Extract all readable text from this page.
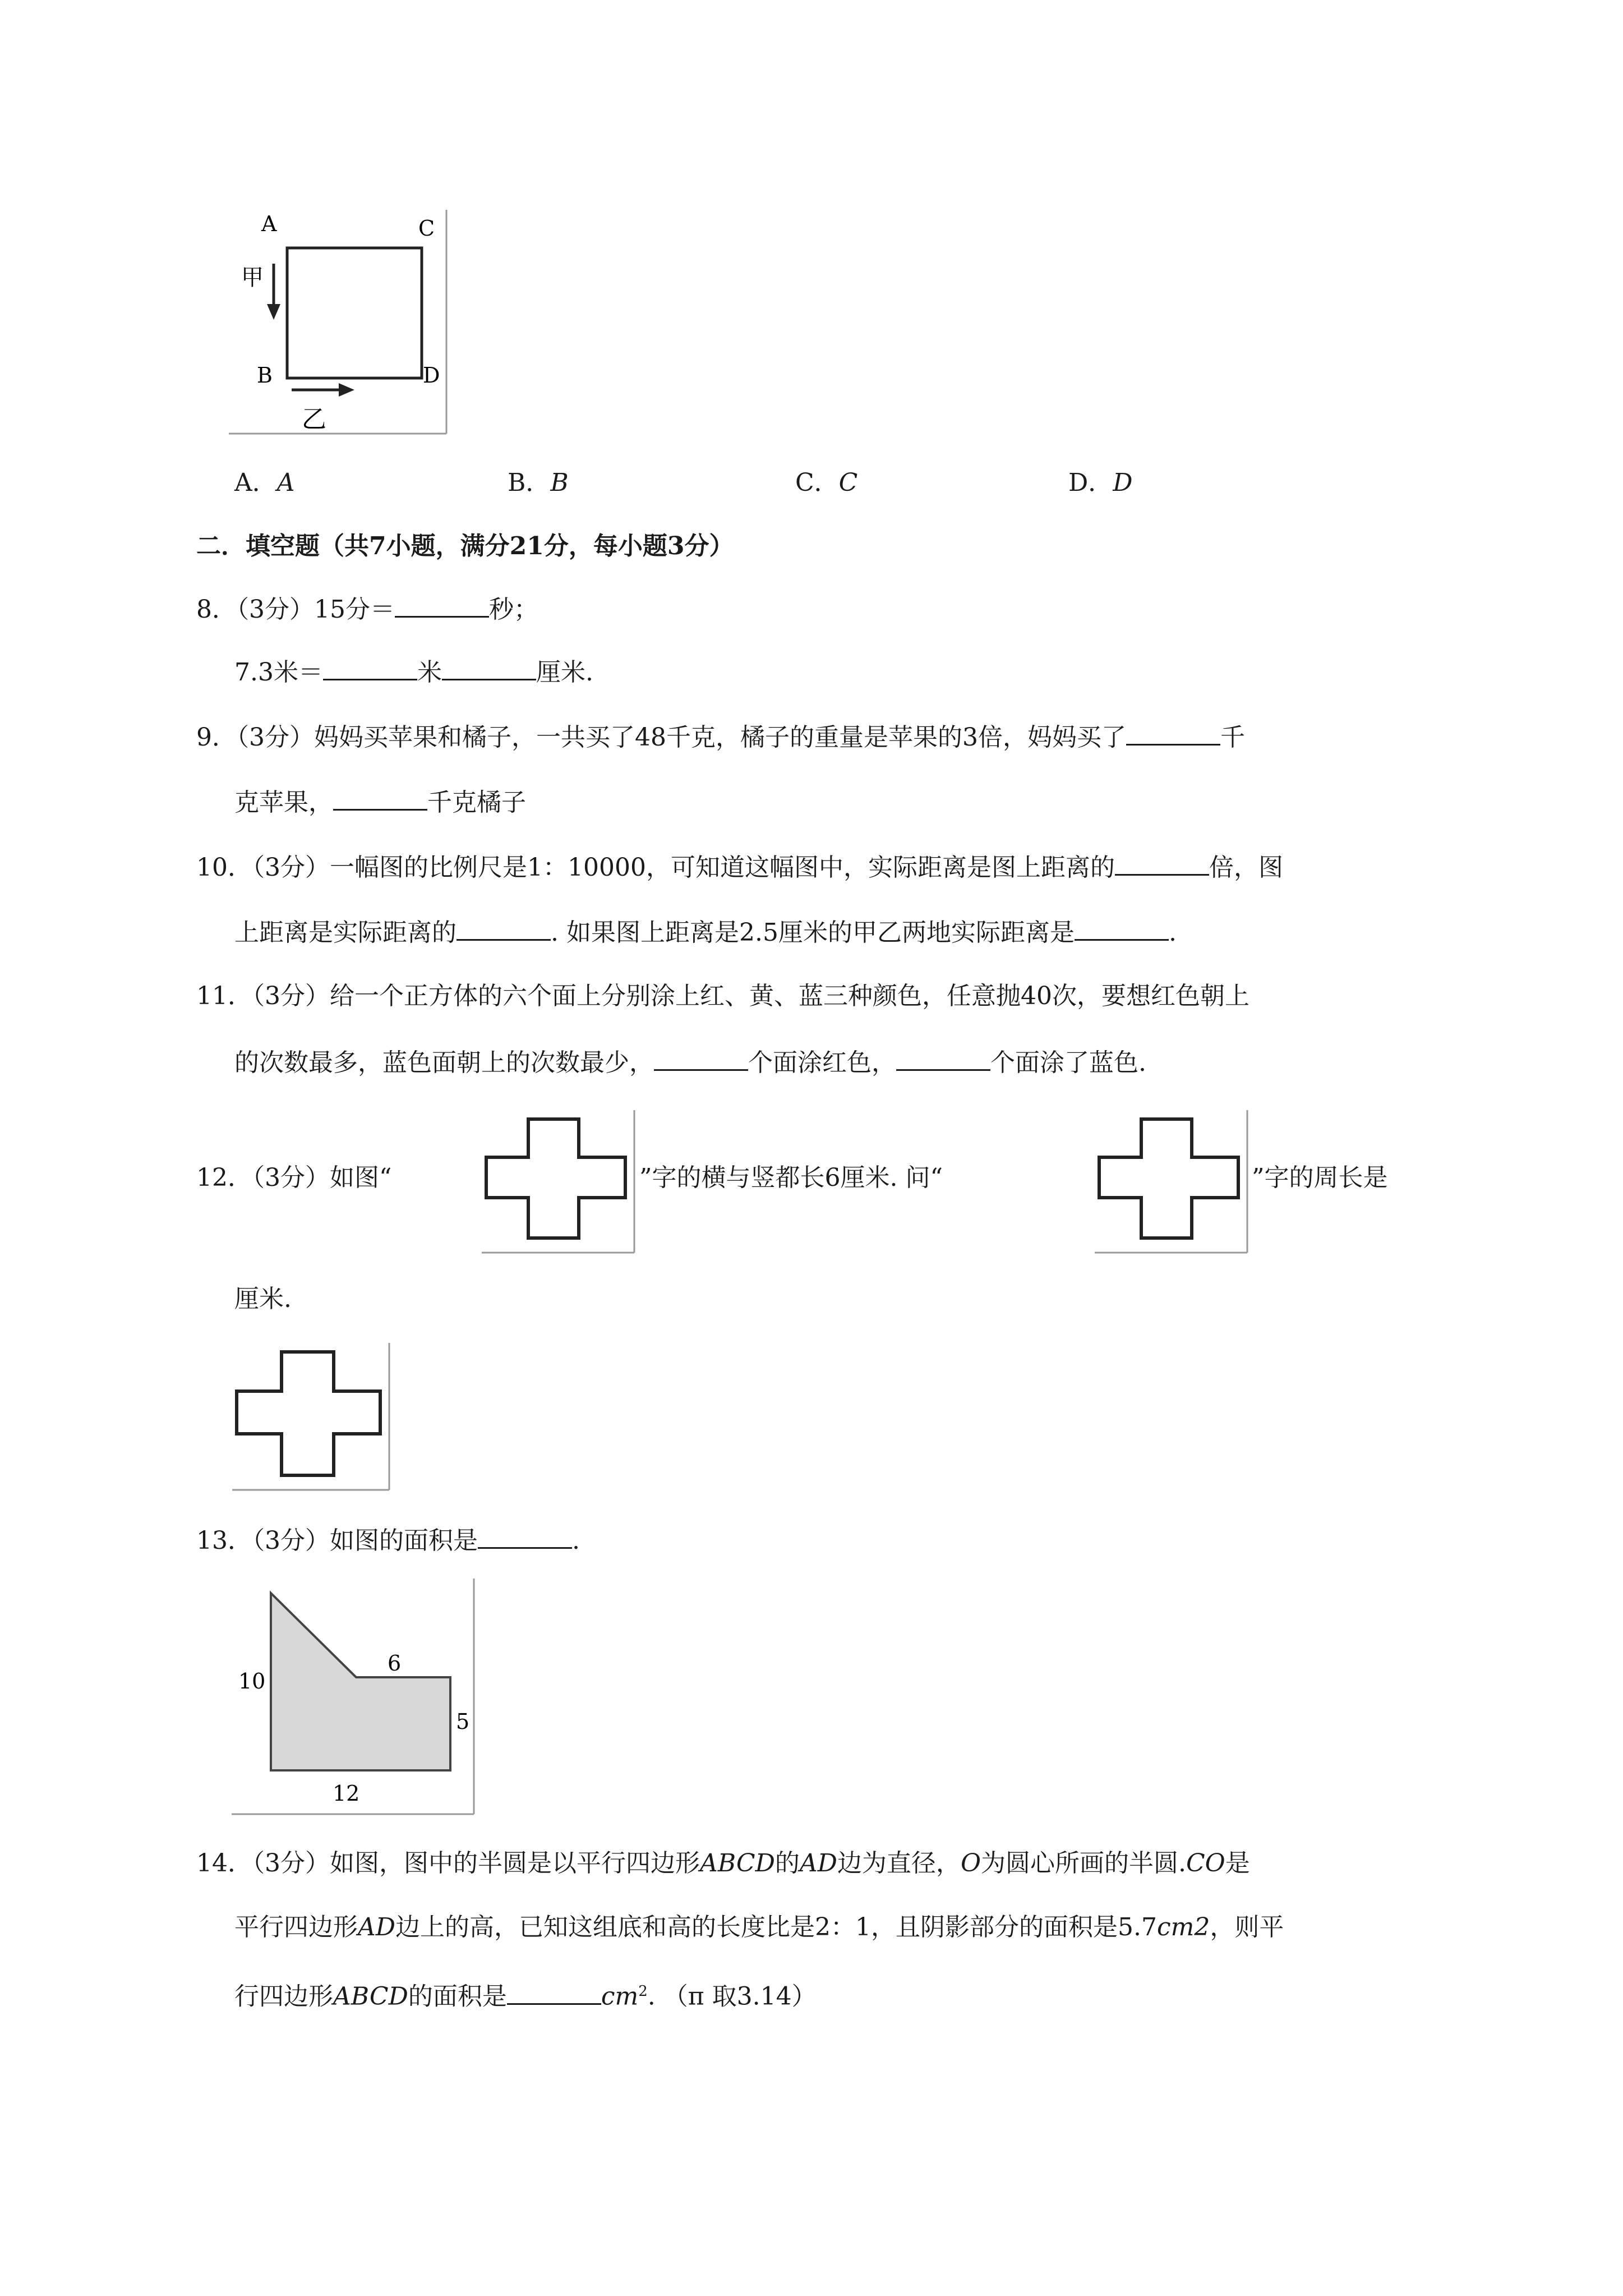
A	C
B	D
甲
乙
A．A	B．B	C．C	D．D
二．填空题（共7小题，满分21分，每小题3分）
8．（3分）15分＝	秒；
7.3米＝	米	厘米.
9．（3分）妈妈买苹果和橘子，一共买了48千克，橘子的重量是苹果的3倍，妈妈买了	千
克苹果，	千克橘子
10．（3分）一幅图的比例尺是1：10000，可知道这幅图中，实际距离是图上距离的	倍，图
上距离是实际距离的	. 如果图上距离是2.5厘米的甲乙两地实际距离是	.
11．（3分）给一个正方体的六个面上分别涂上红、黄、蓝三种颜色，任意抛40次，要想红色朝上
的次数最多，蓝色面朝上的次数最少，	个面涂红色，	个面涂了蓝色.
12．（3分）如图“	”字的横与竖都长6厘米. 问“	”字的周长是
厘米.
13．（3分）如图的面积是	.
10
6
5
12
14．（3分）如图，图中的半圆是以平行四边形ABCD的AD边为直径，O为圆心所画的半圆.CO是
平行四边形AD边上的高，已知这组底和高的长度比是2：1，且阴影部分的面积是5.7cm2，则平
行四边形ABCD的面积是	$cm^2$. （π 取3.14）
